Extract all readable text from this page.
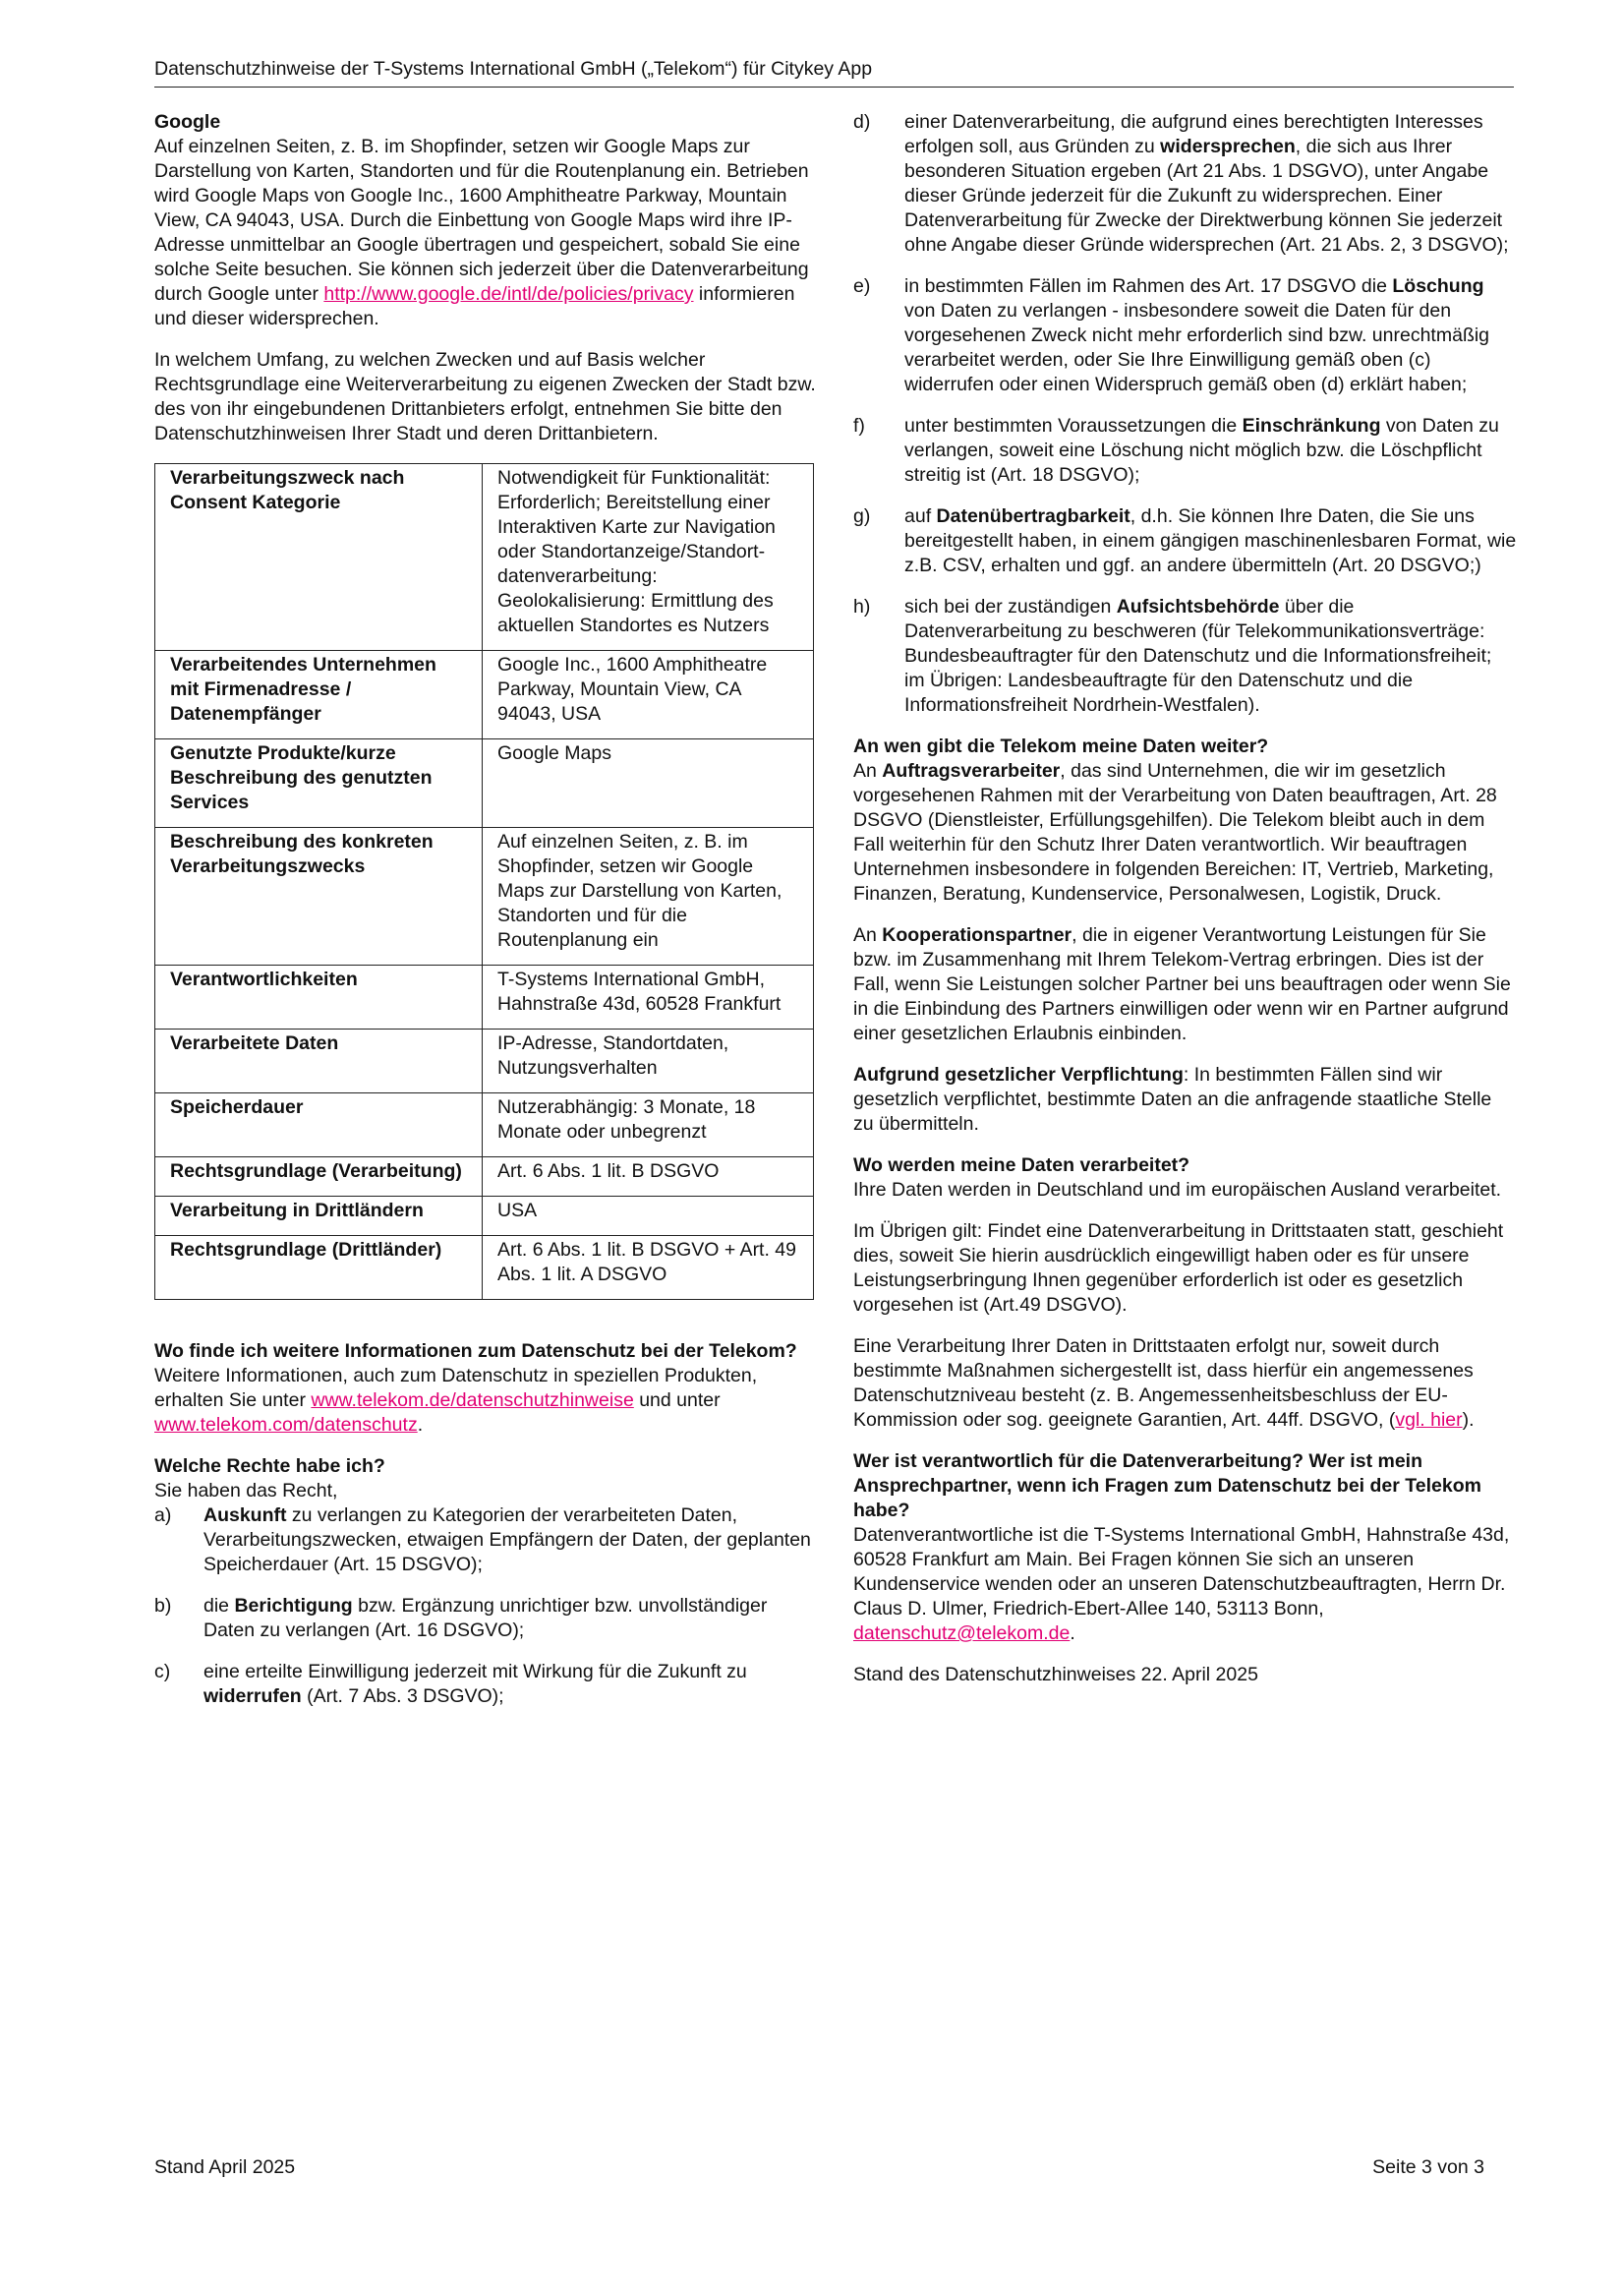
Datenschutzhinweise der T-Systems International GmbH („Telekom“) für Citykey App
Google

Auf einzelnen Seiten, z. B. im Shopfinder, setzen wir Google Maps zur Darstellung von Karten, Standorten und für die Routenplanung ein. Betrieben wird Google Maps von Google Inc., 1600 Amphitheatre Parkway, Mountain View, CA 94043, USA. Durch die Einbettung von Google Maps wird ihre IP-Adresse unmittelbar an Google übertragen und gespeichert, sobald Sie eine solche Seite besuchen. Sie können sich jederzeit über die Datenverarbeitung durch Google unter http://www.google.de/intl/de/policies/privacy informieren und dieser widersprechen.

In welchem Umfang, zu welchen Zwecken und auf Basis welcher Rechtsgrundlage eine Weiterverarbeitung zu eigenen Zwecken der Stadt bzw. des von ihr eingebundenen Drittanbieters erfolgt, entnehmen Sie bitte den Datenschutzhinweisen Ihrer Stadt und deren Drittanbietern.

Verarbeitungszweck nach Consent Kategorie	Notwendigkeit für Funktionalität: Erforderlich; Bereitstellung einer Interaktiven Karte zur Navigation oder Standortanzeige/Standort-datenverarbeitung: Geolokalisierung: Ermittlung des aktuellen Standortes es Nutzers
Verarbeitendes Unternehmen mit Firmenadresse / Datenempfänger	Google Inc., 1600 Amphitheatre Parkway, Mountain View, CA 94043, USA
Genutzte Produkte/kurze Beschreibung des genutzten Services	Google Maps
Beschreibung des konkreten Verarbeitungszwecks	Auf einzelnen Seiten, z. B. im Shopfinder, setzen wir Google Maps zur Darstellung von Karten, Standorten und für die Routenplanung ein
Verantwortlichkeiten	T-Systems International GmbH, Hahnstraße 43d, 60528 Frankfurt
Verarbeitete Daten	IP-Adresse, Standortdaten, Nutzungsverhalten
Speicherdauer	Nutzerabhängig: 3 Monate, 18 Monate oder unbegrenzt
Rechtsgrundlage (Verarbeitung)	Art. 6 Abs. 1 lit. B DSGVO
Verarbeitung in Drittländern	USA
Rechtsgrundlage (Drittländer)	Art. 6 Abs. 1 lit. B DSGVO + Art. 49 Abs. 1 lit. A DSGVO
Wo finde ich weitere Informationen zum Datenschutz bei der Telekom?

Weitere Informationen, auch zum Datenschutz in speziellen Produkten, erhalten Sie unter www.telekom.de/datenschutzhinweise und unter www.telekom.com/datenschutz.

Welche Rechte habe ich?
Sie haben das Recht,
a) Auskunft zu verlangen zu Kategorien der verarbeiteten Daten, Verarbeitungszwecken, etwaigen Empfängern der Daten, der geplanten Speicherdauer (Art. 15 DSGVO);
b) die Berichtigung bzw. Ergänzung unrichtiger bzw. unvollständiger Daten zu verlangen (Art. 16 DSGVO);
c) eine erteilte Einwilligung jederzeit mit Wirkung für die Zukunft zu widerrufen (Art. 7 Abs. 3 DSGVO);
d) einer Datenverarbeitung, die aufgrund eines berechtigten Interesses erfolgen soll, aus Gründen zu widersprechen, die sich aus Ihrer besonderen Situation ergeben (Art 21 Abs. 1 DSGVO), unter Angabe dieser Gründe jederzeit für die Zukunft zu widersprechen. Einer Datenverarbeitung für Zwecke der Direktwerbung können Sie jederzeit ohne Angabe dieser Gründe widersprechen (Art. 21 Abs. 2, 3 DSGVO);
e) in bestimmten Fällen im Rahmen des Art. 17 DSGVO die Löschung von Daten zu verlangen - insbesondere soweit die Daten für den vorgesehenen Zweck nicht mehr erforderlich sind bzw. unrechtmäßig verarbeitet werden, oder Sie Ihre Einwilligung gemäß oben (c) widerrufen oder einen Widerspruch gemäß oben (d) erklärt haben;
f) unter bestimmten Voraussetzungen die Einschränkung von Daten zu verlangen, soweit eine Löschung nicht möglich bzw. die Löschpflicht streitig ist (Art. 18 DSGVO);
g) auf Datenübertragbarkeit, d.h. Sie können Ihre Daten, die Sie uns bereitgestellt haben, in einem gängigen maschinenlesbaren Format, wie z.B. CSV, erhalten und ggf. an andere übermitteln (Art. 20 DSGVO;)
h) sich bei der zuständigen Aufsichtsbehörde über die Datenverarbeitung zu beschweren (für Telekommunikationsverträge: Bundesbeauftragter für den Datenschutz und die Informationsfreiheit; im Übrigen: Landesbeauftragte für den Datenschutz und die Informationsfreiheit Nordrhein-Westfalen).
An wen gibt die Telekom meine Daten weiter?

An Auftragsverarbeiter, das sind Unternehmen, die wir im gesetzlich vorgesehenen Rahmen mit der Verarbeitung von Daten beauftragen, Art. 28 DSGVO (Dienstleister, Erfüllungsgehilfen). Die Telekom bleibt auch in dem Fall weiterhin für den Schutz Ihrer Daten verantwortlich. Wir beauftragen Unternehmen insbesondere in folgenden Bereichen: IT, Vertrieb, Marketing, Finanzen, Beratung, Kundenservice, Personalwesen, Logistik, Druck.

An Kooperationspartner, die in eigener Verantwortung Leistungen für Sie bzw. im Zusammenhang mit Ihrem Telekom-Vertrag erbringen. Dies ist der Fall, wenn Sie Leistungen solcher Partner bei uns beauftragen oder wenn Sie in die Einbindung des Partners einwilligen oder wenn wir en Partner aufgrund einer gesetzlichen Erlaubnis einbinden.

Aufgrund gesetzlicher Verpflichtung: In bestimmten Fällen sind wir gesetzlich verpflichtet, bestimmte Daten an die anfragende staatliche Stelle zu übermitteln.

Wo werden meine Daten verarbeitet?

Ihre Daten werden in Deutschland und im europäischen Ausland verarbeitet.

Im Übrigen gilt: Findet eine Datenverarbeitung in Drittstaaten statt, geschieht dies, soweit Sie hierin ausdrücklich eingewilligt haben oder es für unsere Leistungserbringung Ihnen gegenüber erforderlich ist oder es gesetzlich vorgesehen ist (Art.49 DSGVO).

Eine Verarbeitung Ihrer Daten in Drittstaaten erfolgt nur, soweit durch bestimmte Maßnahmen sichergestellt ist, dass hierfür ein angemessenes Datenschutzniveau besteht (z. B. Angemessenheitsbeschluss der EU-Kommission oder sog. geeignete Garantien, Art. 44ff. DSGVO, (vgl. hier).

Wer ist verantwortlich für die Datenverarbeitung? Wer ist mein Ansprechpartner, wenn ich Fragen zum Datenschutz bei der Telekom habe?

Datenverantwortliche ist die T-Systems International GmbH, Hahnstraße 43d, 60528 Frankfurt am Main. Bei Fragen können Sie sich an unseren Kundenservice wenden oder an unseren Datenschutzbeauftragten, Herrn Dr. Claus D. Ulmer, Friedrich-Ebert-Allee 140, 53113 Bonn, datenschutz@telekom.de.

Stand des Datenschutzhinweises 22. April 2025

Stand April 2025	Seite 3 von 3
